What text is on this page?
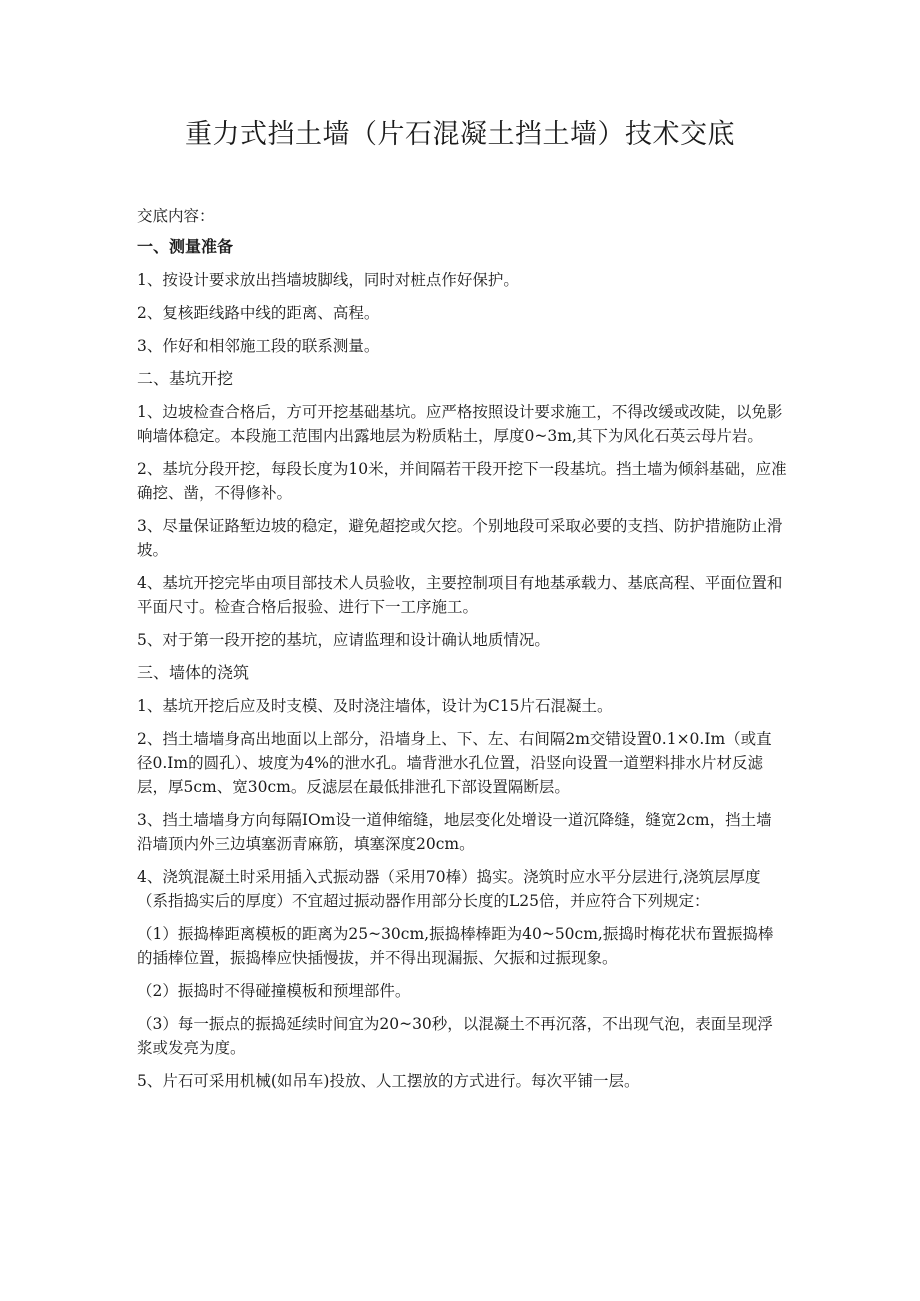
重力式挡土墙（片石混凝土挡土墙）技术交底

交底内容：

一、测量准备

1、按设计要求放出挡墙坡脚线，同时对桩点作好保护。

2、复核距线路中线的距离、高程。

3、作好和相邻施工段的联系测量。

二、基坑开挖

1、边坡检查合格后，方可开挖基础基坑。应严格按照设计要求施工，不得改缓或改陡，以免影响墙体稳定。本段施工范围内出露地层为粉质粘土，厚度0~3m,其下为风化石英云母片岩。

2、基坑分段开挖，每段长度为10米，并间隔若干段开挖下一段基坑。挡土墙为倾斜基础，应准确挖、凿，不得修补。

3、尽量保证路堑边坡的稳定，避免超挖或欠挖。个别地段可采取必要的支挡、防护措施防止滑坡。

4、基坑开挖完毕由项目部技术人员验收，主要控制项目有地基承载力、基底高程、平面位置和平面尺寸。检查合格后报验、进行下一工序施工。

5、对于第一段开挖的基坑，应请监理和设计确认地质情况。

三、墙体的浇筑

1、基坑开挖后应及时支模、及时浇注墙体，设计为C15片石混凝土。

2、挡土墙墙身高出地面以上部分，沿墙身上、下、左、右间隔2m交错设置0.1×0.Im（或直径0.Im的圆孔）、坡度为4%的泄水孔。墙背泄水孔位置，沿竖向设置一道塑料排水片材反滤层，厚5cm、宽30cm。反滤层在最低排泄孔下部设置隔断层。

3、挡土墙墙身方向每隔IOm设一道伸缩缝，地层变化处增设一道沉降缝，缝宽2cm，挡土墙沿墙顶内外三边填塞沥青麻筋，填塞深度20cm。

4、浇筑混凝土时采用插入式振动器（采用70棒）捣实。浇筑时应水平分层进行,浇筑层厚度（系指捣实后的厚度）不宜超过振动器作用部分长度的L25倍，并应符合下列规定：

（1）振捣棒距离模板的距离为25~30cm,振捣棒棒距为40~50cm,振捣时梅花状布置振捣棒的插棒位置，振捣棒应快插慢拔，并不得出现漏振、欠振和过振现象。

（2）振捣时不得碰撞模板和预埋部件。

（3）每一振点的振捣延续时间宜为20~30秒，以混凝土不再沉落，不出现气泡，表面呈现浮浆或发亮为度。

5、片石可采用机械(如吊车)投放、人工摆放的方式进行。每次平铺一层。
